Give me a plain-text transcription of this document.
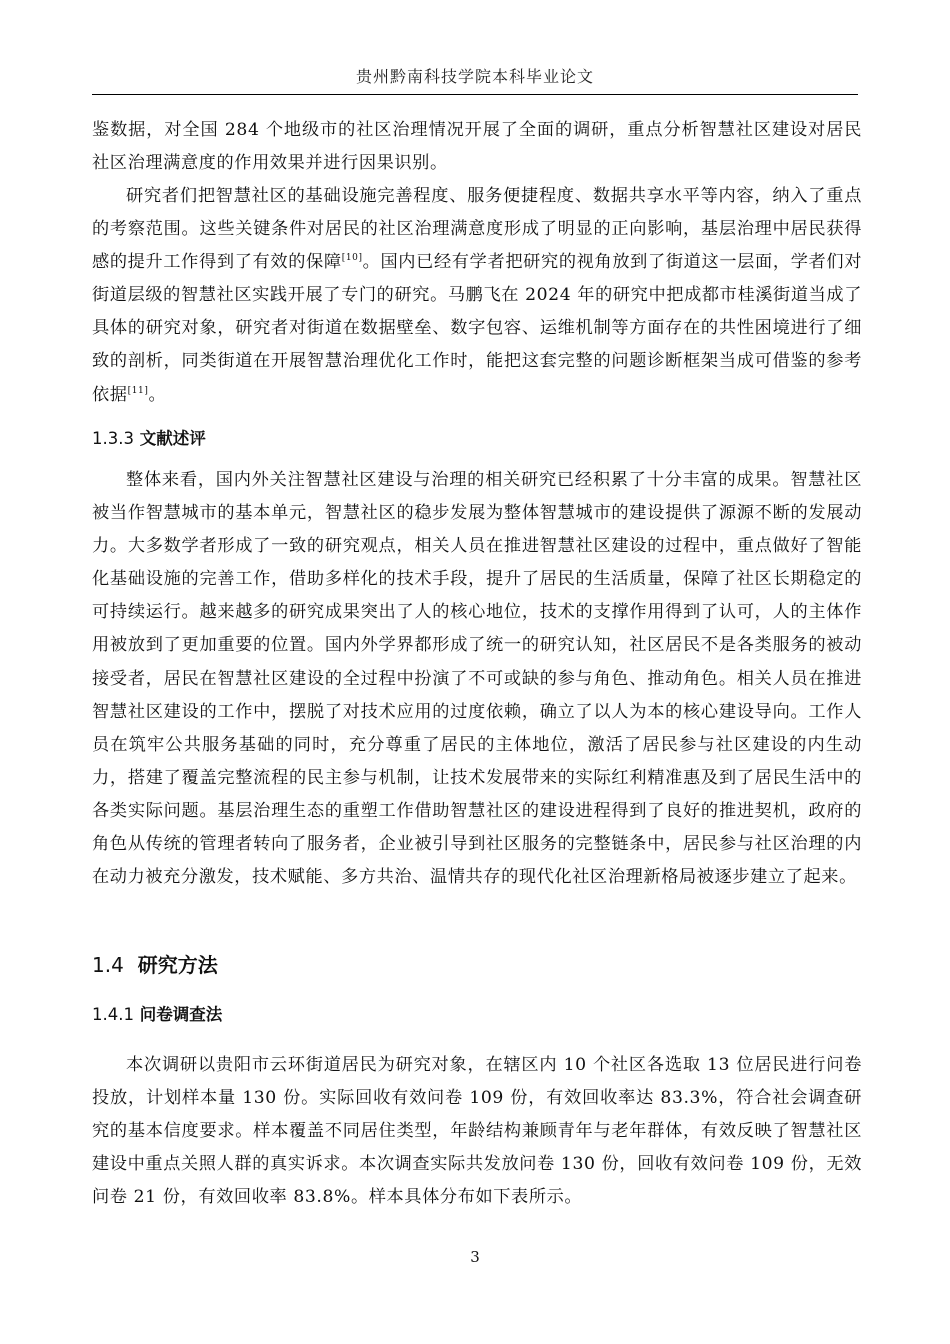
贵州黔南科技学院本科毕业论文

鉴数据，对全国 284 个地级市的社区治理情况开展了全面的调研，重点分析智慧社区建设对居民社区治理满意度的作用效果并进行因果识别。

研究者们把智慧社区的基础设施完善程度、服务便捷程度、数据共享水平等内容，纳入了重点的考察范围。这些关键条件对居民的社区治理满意度形成了明显的正向影响，基层治理中居民获得感的提升工作得到了有效的保障[10]。国内已经有学者把研究的视角放到了街道这一层面，学者们对街道层级的智慧社区实践开展了专门的研究。马鹏飞在 2024 年的研究中把成都市桂溪街道当成了具体的研究对象，研究者对街道在数据壁垒、数字包容、运维机制等方面存在的共性困境进行了细致的剖析，同类街道在开展智慧治理优化工作时，能把这套完整的问题诊断框架当成可借鉴的参考依据[11]。

1.3.3 文献述评

整体来看，国内外关注智慧社区建设与治理的相关研究已经积累了十分丰富的成果。智慧社区被当作智慧城市的基本单元，智慧社区的稳步发展为整体智慧城市的建设提供了源源不断的发展动力。大多数学者形成了一致的研究观点，相关人员在推进智慧社区建设的过程中，重点做好了智能化基础设施的完善工作，借助多样化的技术手段，提升了居民的生活质量，保障了社区长期稳定的可持续运行。越来越多的研究成果突出了人的核心地位，技术的支撑作用得到了认可，人的主体作用被放到了更加重要的位置。国内外学界都形成了统一的研究认知，社区居民不是各类服务的被动接受者，居民在智慧社区建设的全过程中扮演了不可或缺的参与角色、推动角色。相关人员在推进智慧社区建设的工作中，摆脱了对技术应用的过度依赖，确立了以人为本的核心建设导向。工作人员在筑牢公共服务基础的同时，充分尊重了居民的主体地位，激活了居民参与社区建设的内生动力，搭建了覆盖完整流程的民主参与机制，让技术发展带来的实际红利精准惠及到了居民生活中的各类实际问题。基层治理生态的重塑工作借助智慧社区的建设进程得到了良好的推进契机，政府的角色从传统的管理者转向了服务者，企业被引导到社区服务的完整链条中，居民参与社区治理的内在动力被充分激发，技术赋能、多方共治、温情共存的现代化社区治理新格局被逐步建立了起来。

1.4 研究方法
1.4.1 问卷调查法

本次调研以贵阳市云环街道居民为研究对象，在辖区内 10 个社区各选取 13 位居民进行问卷投放，计划样本量 130 份。实际回收有效问卷 109 份，有效回收率达 83.3%，符合社会调查研究的基本信度要求。样本覆盖不同居住类型，年龄结构兼顾青年与老年群体，有效反映了智慧社区建设中重点关照人群的真实诉求。本次调查实际共发放问卷 130 份，回收有效问卷 109 份，无效问卷 21 份，有效回收率 83.8%。样本具体分布如下表所示。

3
